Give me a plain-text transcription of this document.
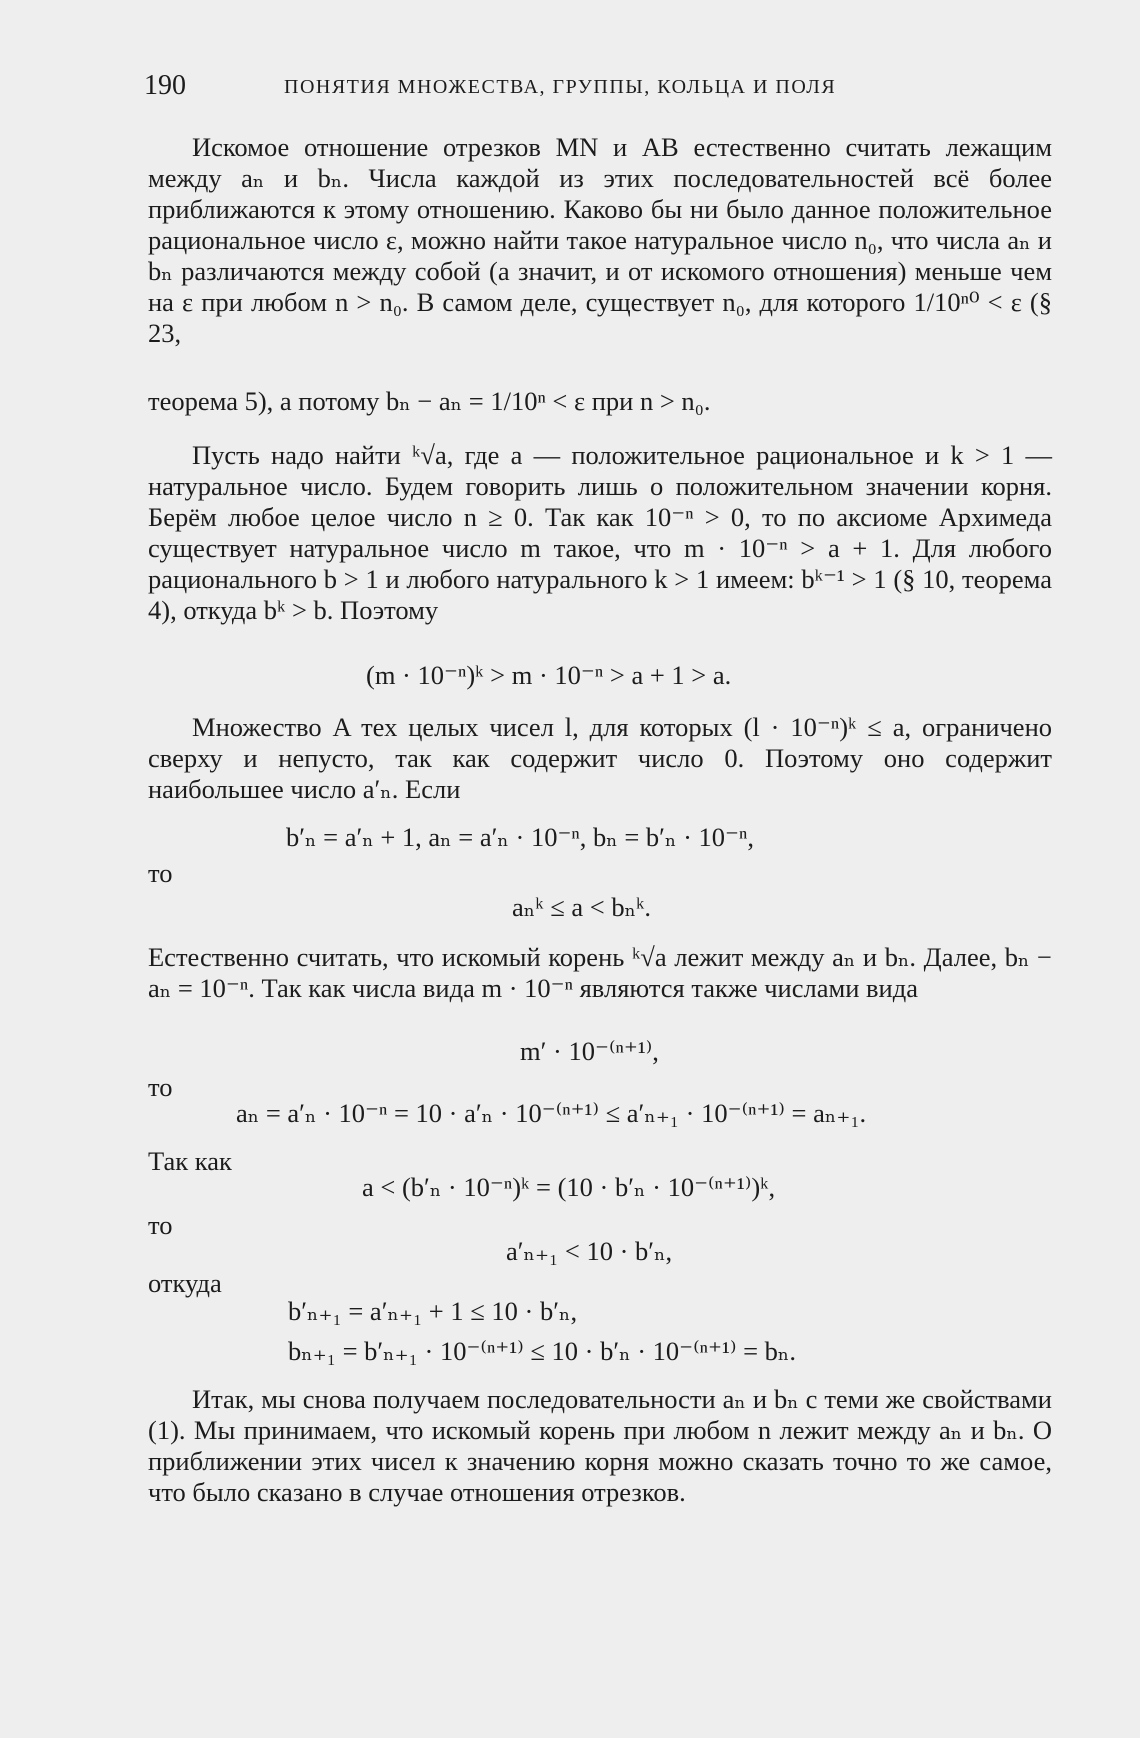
190	ПОНЯТИЯ МНОЖЕСТВА, ГРУППЫ, КОЛЬЦА И ПОЛЯ
Искомое отношение отрезков MN и AB естественно считать лежащим между aₙ и bₙ. Числа каждой из этих последовательностей всё более приближаются к этому отношению. Каково бы ни было данное положительное рациональное число ε, можно найти такое натуральное число n₀, что числа aₙ и bₙ различаются между собой (а значит, и от искомого отношения) меньше чем на ε при любом n > n₀. В самом деле, существует n₀, для которого 1/10ⁿ⁰ < ε (§ 23,
теорема 5), а потому bₙ − aₙ = 1/10ⁿ < ε при n > n₀.
Пусть надо найти ᵏ√a, где a — положительное рациональное и k > 1 — натуральное число. Будем говорить лишь о положительном значении корня. Берём любое целое число n ≥ 0. Так как 10⁻ⁿ > 0, то по аксиоме Архимеда существует натуральное число m такое, что m · 10⁻ⁿ > a + 1. Для любого рационального b > 1 и любого натурального k > 1 имеем: bᵏ⁻¹ > 1 (§ 10, теорема 4), откуда bᵏ > b. Поэтому
(m · 10⁻ⁿ)ᵏ > m · 10⁻ⁿ > a + 1 > a.
Множество A тех целых чисел l, для которых (l · 10⁻ⁿ)ᵏ ≤ a, ограничено сверху и непусто, так как содержит число 0. Поэтому оно содержит наибольшее число a′ₙ. Если
b′ₙ = a′ₙ + 1, aₙ = a′ₙ · 10⁻ⁿ, bₙ = b′ₙ · 10⁻ⁿ,
то
aₙᵏ ≤ a < bₙᵏ.
Естественно считать, что искомый корень ᵏ√a лежит между aₙ и bₙ. Далее, bₙ − aₙ = 10⁻ⁿ. Так как числа вида m · 10⁻ⁿ являются также числами вида
m′ · 10⁻⁽ⁿ⁺¹⁾,
то
aₙ = a′ₙ · 10⁻ⁿ = 10 · a′ₙ · 10⁻⁽ⁿ⁺¹⁾ ≤ a′ₙ₊₁ · 10⁻⁽ⁿ⁺¹⁾ = aₙ₊₁.
Так как
a < (b′ₙ · 10⁻ⁿ)ᵏ = (10 · b′ₙ · 10⁻⁽ⁿ⁺¹⁾)ᵏ,
то
a′ₙ₊₁ < 10 · b′ₙ,
откуда
b′ₙ₊₁ = a′ₙ₊₁ + 1 ≤ 10 · b′ₙ,
bₙ₊₁ = b′ₙ₊₁ · 10⁻⁽ⁿ⁺¹⁾ ≤ 10 · b′ₙ · 10⁻⁽ⁿ⁺¹⁾ = bₙ.
Итак, мы снова получаем последовательности aₙ и bₙ с теми же свойствами (1). Мы принимаем, что искомый корень при любом n лежит между aₙ и bₙ. О приближении этих чисел к значению корня можно сказать точно то же самое, что было сказано в случае отношения отрезков.
